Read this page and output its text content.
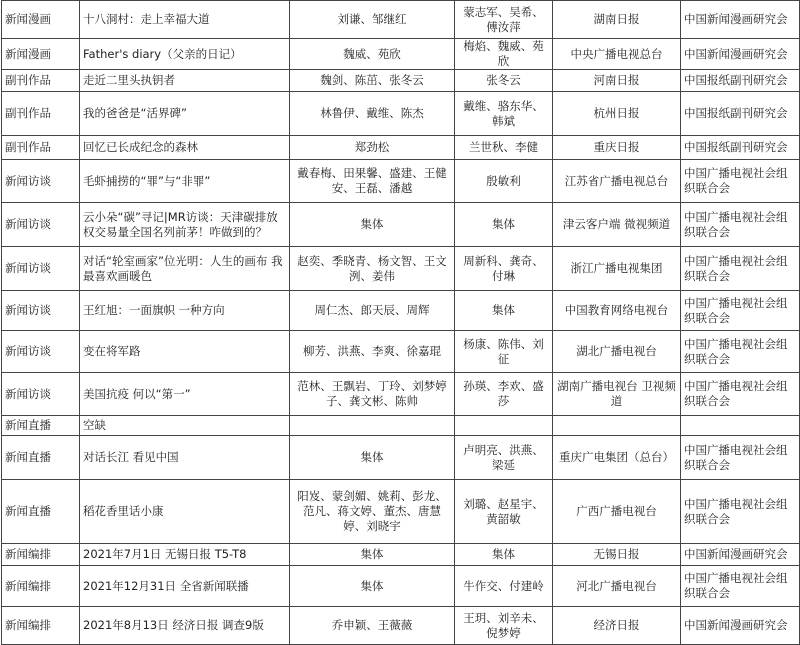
新闻漫画	十八洞村：走上幸福大道	刘谦、邹继红	蒙志军、吴希、傅汝萍	湖南日报	中国新闻漫画研究会
新闻漫画	Father's diary（父亲的日记）	魏威、苑欣	梅焰、魏威、苑欣	中央广播电视总台	中国新闻漫画研究会
副刊作品	走近二里头执钥者	魏剑、陈茁、张冬云	张冬云	河南日报	中国报纸副刊研究会
副刊作品	我的爸爸是“活界碑”	林鲁伊、戴维、陈杰	戴维、骆东华、韩斌	杭州日报	中国报纸副刊研究会
副刊作品	回忆已长成纪念的森林	郑劲松	兰世秋、李健	重庆日报	中国报纸副刊研究会
新闻访谈	毛虾捕捞的“罪”与“非罪”	戴春梅、田果馨、盛建、王健安、王磊、潘越	殷敏利	江苏省广播电视总台	中国广播电视社会组织联合会
新闻访谈	云小朵“碳”寻记|MR访谈：天津碳排放权交易量全国名列前茅！咋做到的？	集体	集体	津云客户端 微视频道	中国广播电视社会组织联合会
新闻访谈	对话“轮室画家”位光明：人生的画布 我最喜欢画暖色	赵奕、季晓青、杨文智、王文洌、姜伟	周新科、龚奇、付琳	浙江广播电视集团	中国广播电视社会组织联合会
新闻访谈	王红旭：一面旗帜 一种方向	周仁杰、郎天辰、周辉	集体	中国教育网络电视台	中国广播电视社会组织联合会
新闻访谈	变在将军路	柳芳、洪燕、李爽、徐嘉琨	杨康、陈伟、刘征	湖北广播电视台	中国广播电视社会组织联合会
新闻访谈	美国抗疫 何以“第一”	范林、王飘岩、丁玲、刘梦婷子、龚文彬、陈帅	孙瑛、李欢、盛莎	湖南广播电视台 卫视频道	中国广播电视社会组织联合会
新闻直播	空缺				
新闻直播	对话长江 看见中国	集体	卢明亮、洪燕、梁延	重庆广电集团（总台）	中国广播电视社会组织联合会
新闻直播	稻花香里话小康	阳岌、蒙剑媚、姚莉、彭龙、范凡、蒋文婷、董杰、唐慧婷、刘晓宇	刘璐、赵星宇、黄韶敏	广西广播电视台	中国广播电视社会组织联合会
新闻编排	2021年7月1日 无锡日报 T5-T8	集体	集体	无锡日报	中国新闻漫画研究会
新闻编排	2021年12月31日 全省新闻联播	集体	牛作交、付建岭	河北广播电视台	中国广播电视社会组织联合会
新闻编排	2021年8月13日 经济日报 调查9版	乔申颖、王薇薇	王玥、刘辛未、倪梦婷	经济日报	中国新闻漫画研究会
